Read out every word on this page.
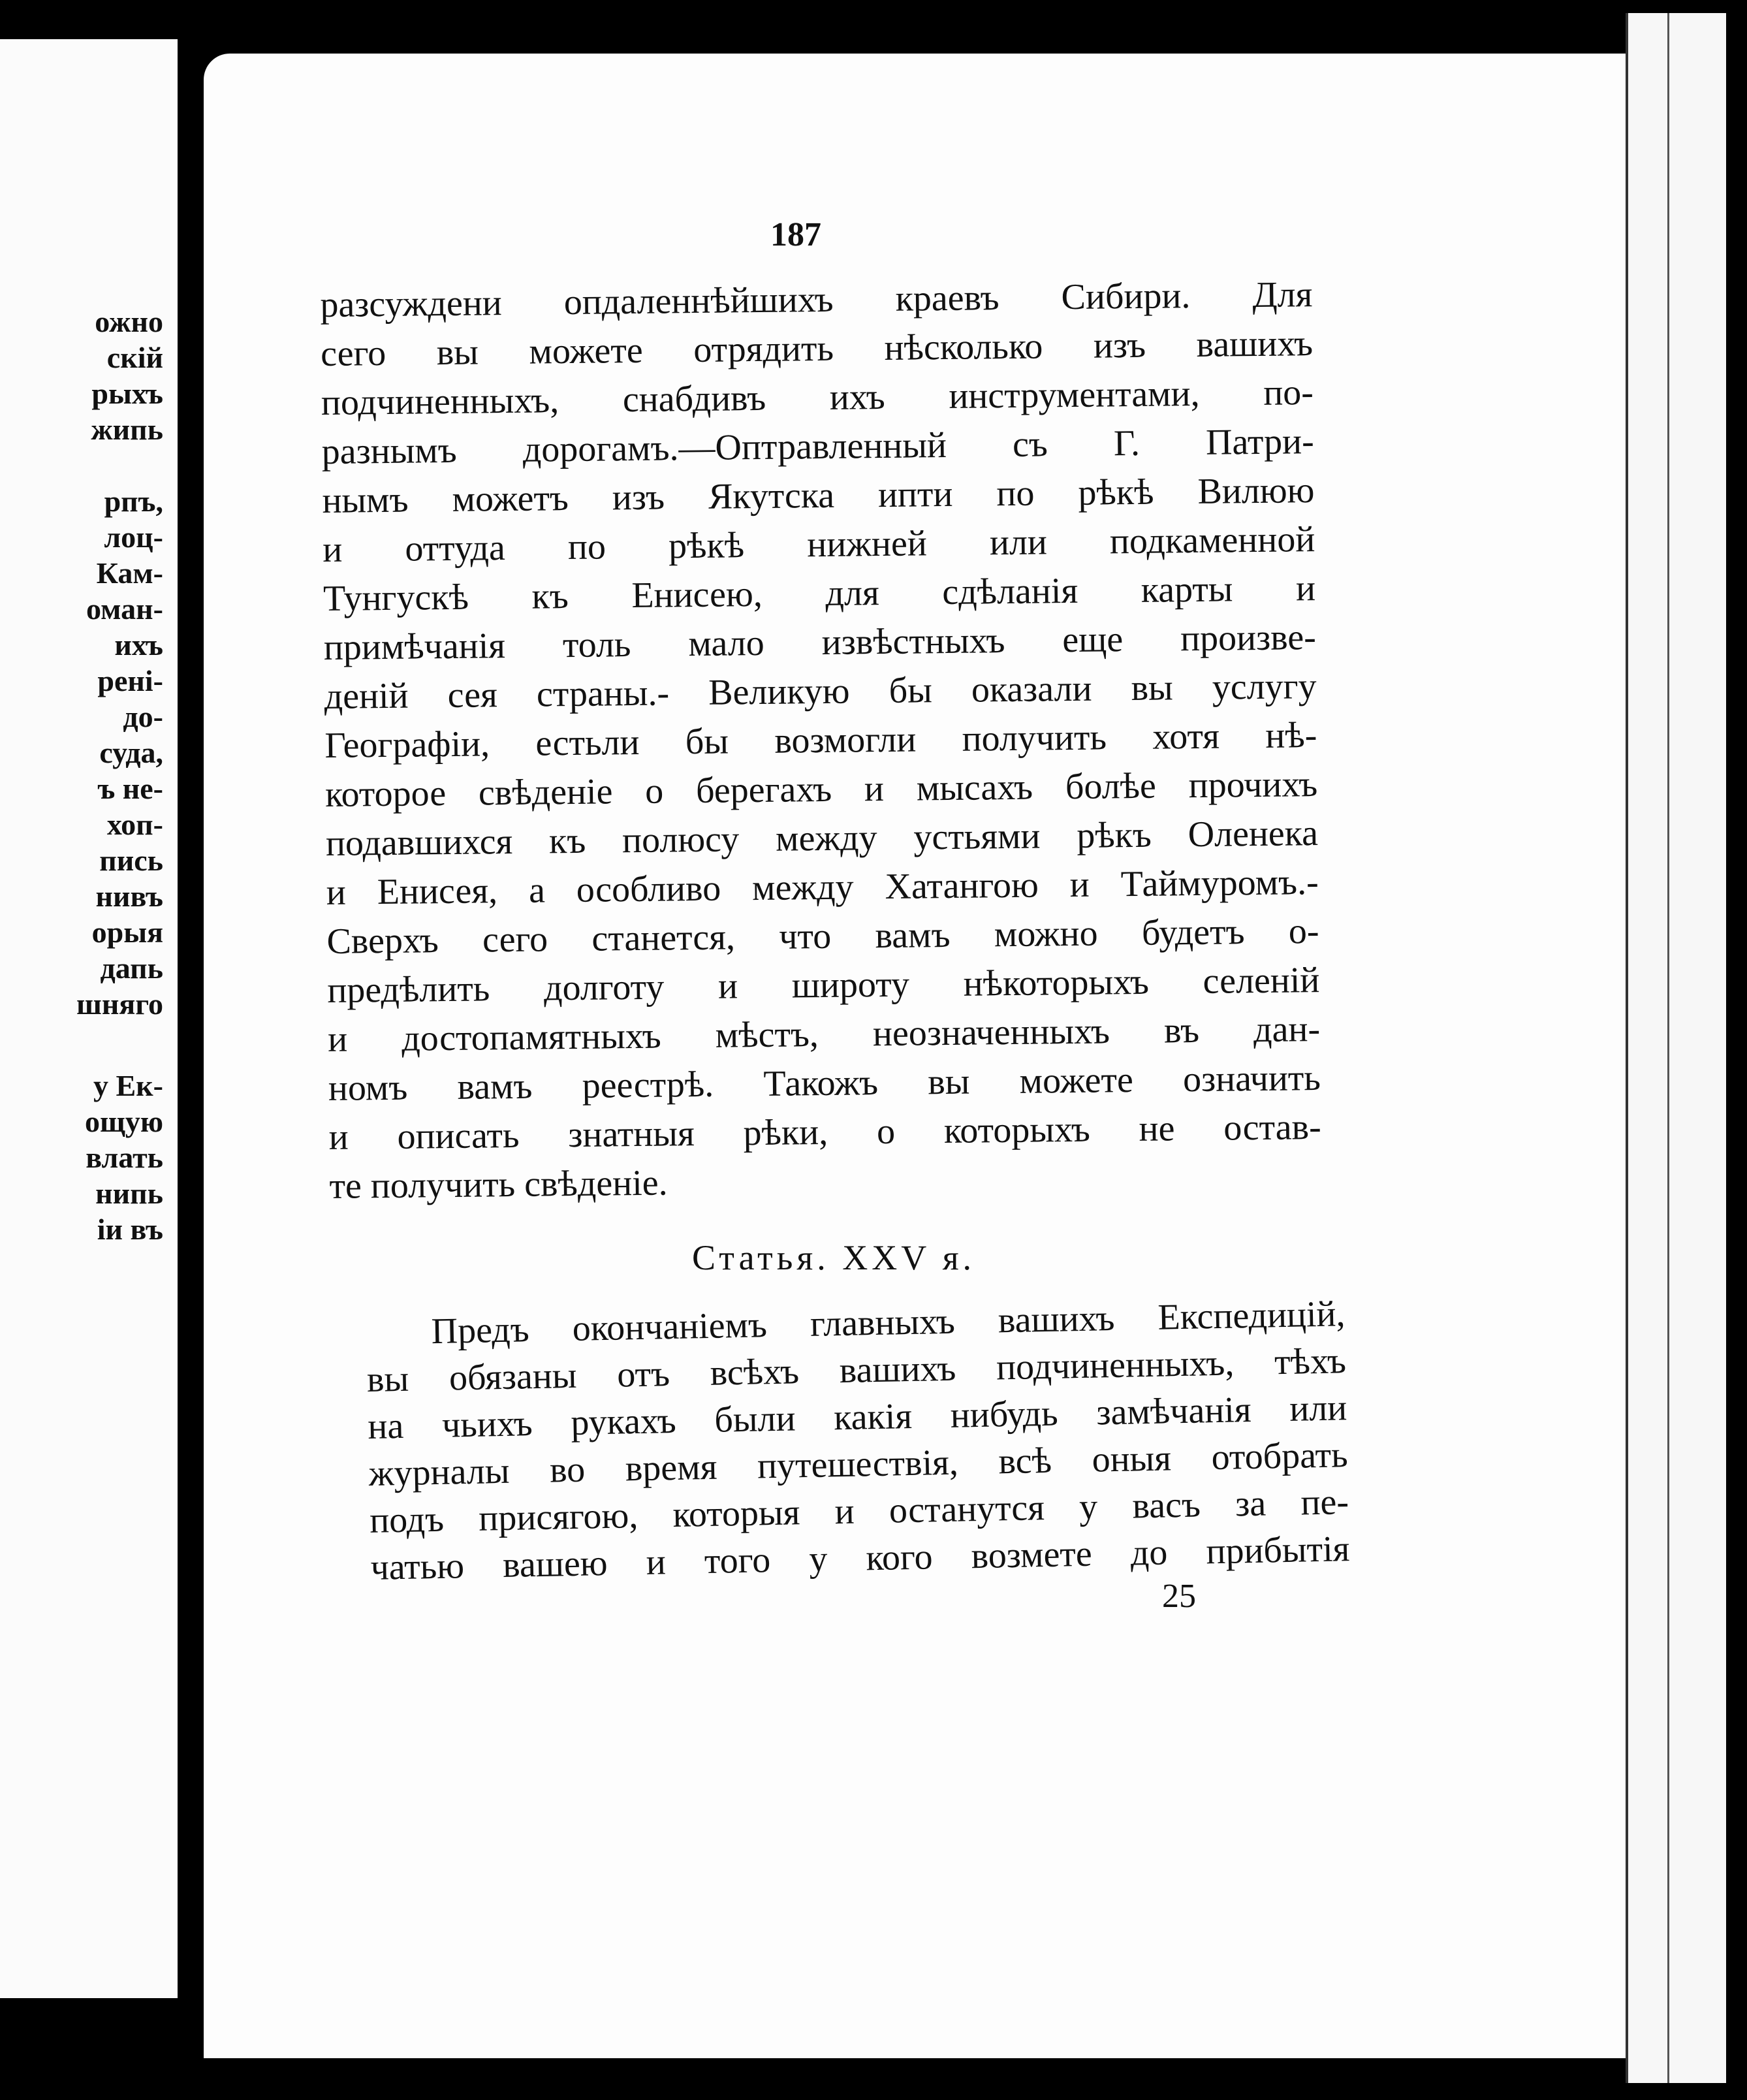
ожно
скій
рыхъ
жипь
рпъ,
лоц-
Кам-
оман-
ихъ
рені-
до-
суда,
ъ не-
хоп-
пись
нивъ
орыя
дапь
шняго
у Ек-
ощую
влать
нипь
іи въ
187
разсуждени опдаленнѣйшихъ краевъ Сибири. Для
сего вы можете отрядить нѣсколько изъ вашихъ
подчиненныхъ, снабдивъ ихъ инструментами, по-
разнымъ дорогамъ.—Оптравленный съ Г. Патри-
нымъ можетъ изъ Якутска ипти по рѣкѣ Вилюю
и оттуда по рѣкѣ нижней или подкаменной
Тунгускѣ къ Енисею, для сдѣланія карты и
примѣчанія толь мало извѣстныхъ еще произве-
деній сея страны.- Великую бы оказали вы услугу
Географіи, естьли бы возмогли получить хотя нѣ-
которое свѣденіе о берегахъ и мысахъ болѣе прочихъ
подавшихся къ полюсу между устьями рѣкъ Оленека
и Енисея, а особливо между Хатангою и Таймуромъ.-
Сверхъ сего станется, что вамъ можно будетъ о-
предѣлить долготу и широту нѣкоторыхъ селеній
и достопамятныхъ мѣстъ, неозначенныхъ въ дан-
номъ вамъ реестрѣ. Такожъ вы можете означить
и описать знатныя рѣки, о которыхъ не остав-
те получить свѣденіе.
Статья. XXV я.
Предъ окончаніемъ главныхъ вашихъ Експедицій,
вы обязаны отъ всѣхъ вашихъ подчиненныхъ, тѣхъ
на чьихъ рукахъ были какія нибудь замѣчанія или
журналы во время путешествія, всѣ оныя отобрать
подъ присягою, которыя и останутся у васъ за пе-
чатью вашею и того у кого возмете до прибытія
25
